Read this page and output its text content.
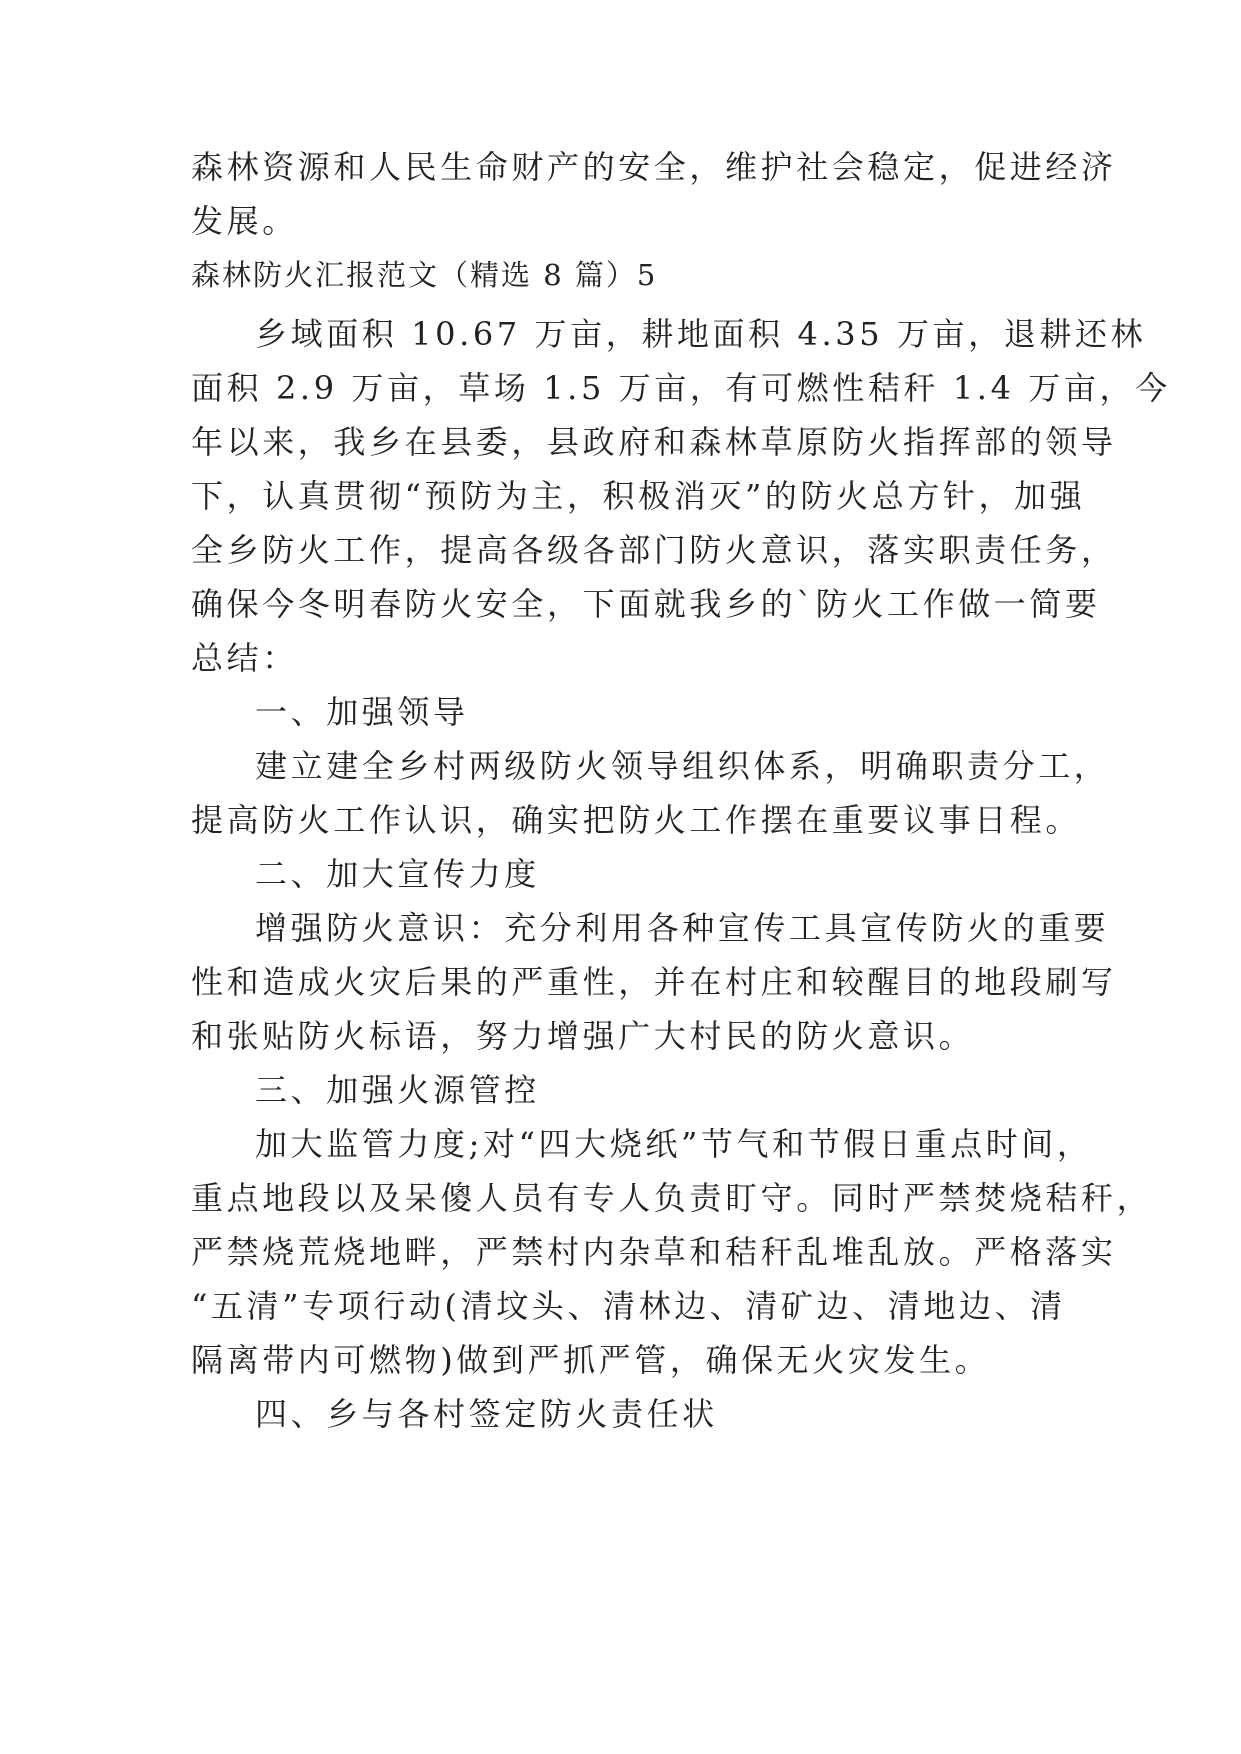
森林资源和人民生命财产的安全，维护社会稳定，促进经济
发展。
森林防火汇报范文（精选 8 篇）5
乡域面积 10.67 万亩，耕地面积 4.35 万亩，退耕还林
面积 2.9 万亩，草场 1.5 万亩，有可燃性秸秆 1.4 万亩，今
年以来，我乡在县委，县政府和森林草原防火指挥部的领导
下，认真贯彻“预防为主，积极消灭”的防火总方针，加强
全乡防火工作，提高各级各部门防火意识，落实职责任务，
确保今冬明春防火安全，下面就我乡的`防火工作做一简要
总结：
一、加强领导
建立建全乡村两级防火领导组织体系，明确职责分工，
提高防火工作认识，确实把防火工作摆在重要议事日程。
二、加大宣传力度
增强防火意识：充分利用各种宣传工具宣传防火的重要
性和造成火灾后果的严重性，并在村庄和较醒目的地段刷写
和张贴防火标语，努力增强广大村民的防火意识。
三、加强火源管控
加大监管力度;对“四大烧纸”节气和节假日重点时间，
重点地段以及呆傻人员有专人负责盯守。同时严禁焚烧秸秆，
严禁烧荒烧地畔，严禁村内杂草和秸秆乱堆乱放。严格落实
“五清”专项行动(清坟头、清林边、清矿边、清地边、清
隔离带内可燃物)做到严抓严管，确保无火灾发生。
四、乡与各村签定防火责任状
